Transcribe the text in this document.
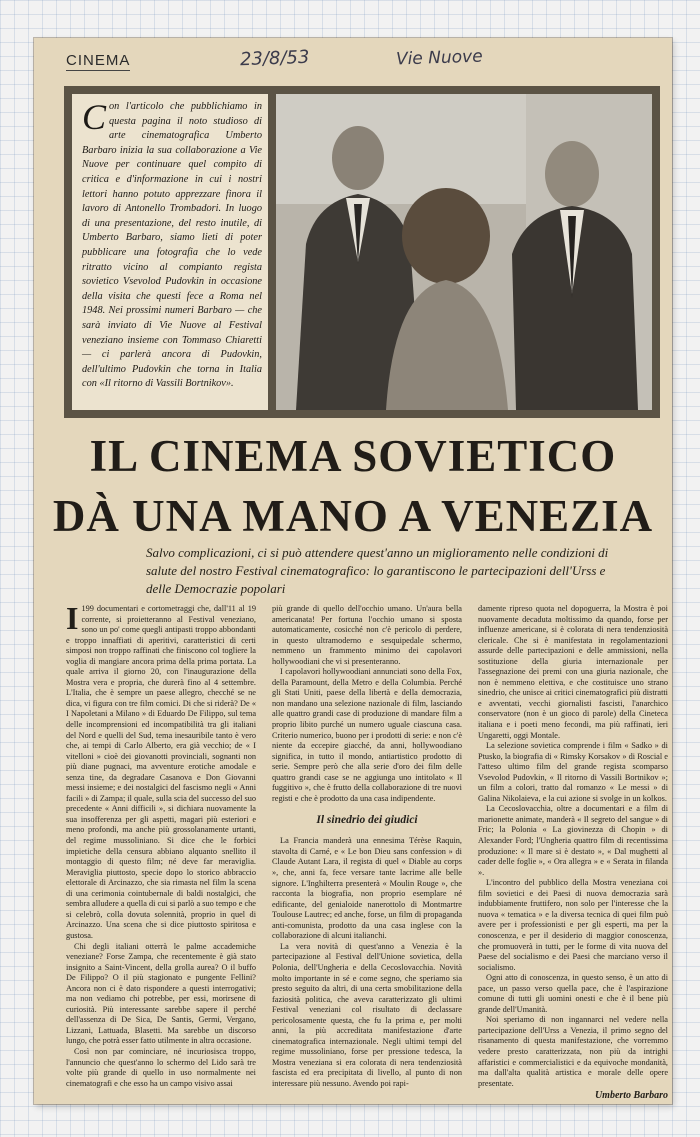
CINEMA	23/8/53	Vie Nuove
Con l'articolo che pubblichiamo in questa pagina il noto studioso di arte cinematografica Umberto Barbaro inizia la sua collaborazione a Vie Nuove per continuare quel compito di critica e d'informazione in cui i nostri lettori hanno potuto apprezzare finora il lavoro di Antonello Trombadori. In luogo di una presentazione, del resto inutile, di Umberto Barbaro, siamo lieti di poter pubblicare una fotografia che lo vede ritratto vicino al compianto regista sovietico Vsevolod Pudovkin in occasione della visita che questi fece a Roma nel 1948. Nei prossimi numeri Barbaro — che sarà inviato di Vie Nuove al Festival veneziano insieme con Tommaso Chiaretti — ci parlerà ancora di Pudovkin, dell'ultimo Pudovkin che torna in Italia con «Il ritorno di Vassili Bortnikov».
IL CINEMA SOVIETICO
DÀ UNA MANO A VENEZIA
Salvo complicazioni, ci si può attendere quest'anno un miglioramento nelle condizioni di salute del nostro Festival cinematografico: lo garantiscono le partecipazioni dell'Urss e delle Democrazie popolari

I 199 documentari e cortometraggi che, dall'11 al 19 corrente, si proietteranno al Festival veneziano, sono un po' come quegli antipasti troppo abbondanti e troppo innaffiati di aperitivi, caratteristici di certi simposi non troppo raffinati che finiscono col togliere la voglia di mangiare ancora prima della prima portata. La quale arriva il giorno 20, con l'inaugurazione della Mostra vera e propria, che durerà fino al 4 settembre. L'Italia, che è sempre un paese allegro, checché se ne dica, vi figura con tre film comici. Di che si riderà? De « I Napoletani a Milano » di Eduardo De Filippo, sul tema delle incomprensioni ed incompatibilità tra gli italiani del Nord e quelli del Sud, tema inesauribile tanto è vero che, ai tempi di Carlo Alberto, era già vecchio; de « I vitelloni » cioè dei giovanotti provinciali, sognanti non più diane pugnaci, ma avventure erotiche amodale e senza tine, da degradare Casanova e Don Giovanni messi insieme; e dei nostalgici del fascismo negli « Anni facili » di Zampa; il quale, sulla scia del successo del suo precedente « Anni difficili », si dichiara nuovamente la sua insofferenza per gli aspetti, magari più esteriori e meno profondi, ma anche più grossolanamente urtanti, del regime mussoliniano. Si dice che le forbici impietiche della censura abbiano alquanto snellito il montaggio di questo film; né deve far meraviglia. Meraviglia piuttosto, specie dopo lo storico abbraccio elettorale di Arcinazzo, che sia rimasta nel film la scena di una cerimonia cointubernale di baldi nostalgici, che sembra alludere a quella di cui si parlò a suo tempo e che si celebrò, colla dovuta solennità, proprio in quel di Arcinazzo. Una scena che si dice piuttosto spiritosa e gustosa.

Chi degli italiani otterrà le palme accademiche veneziane? Forse Zampa, che recentemente è già stato insignito a Saint-Vincent, della grolla aurea? O il buffo De Filippo? O il più stagionato e pungente Fellini? Ancora non ci è dato rispondere a questi interrogativi; ma non vediamo chi potrebbe, per essi, morirsene di curiosità. Più interessante sarebbe sapere il perché dell'assenza di De Sica, De Santis, Germi, Vergano, Lizzani, Lattuada, Blasetti. Ma sarebbe un discorso lungo, che potrà esser fatto utilmente in altra occasione.

Così non par cominciare, né incuriosisca troppo, l'annuncio che quest'anno lo schermo del Lido sarà tre volte più grande di quello in uso normalmente nei cinematografi e che esso ha un campo visivo assai

più grande di quello dell'occhio umano. Un'aura bella americanata! Per fortuna l'occhio umano si sposta automaticamente, cosicché non c'è pericolo di perdere, in questo ultramoderno e sesquipedale schermo, nemmeno un frammento minimo dei capolavori hollywoodiani che vi si presenteranno.

I capolavori hollywoodiani annunciati sono della Fox, della Paramount, della Metro e della Columbia. Perché gli Stati Uniti, paese della libertà e della democrazia, non mandano una selezione nazionale di film, lasciando alle quattro grandi case di produzione di mandare film a proprio libito purché un numero uguale ciascuna casa. Criterio numerico, buono per i prodotti di serie: e non c'è niente da eccepire giacché, da anni, hollywoodiano significa, in tutto il mondo, antiartistico prodotto di serie. Sempre però che alla serie d'oro dei film delle quattro grandi case se ne aggiunga uno intitolato « Il fuggitivo », che è frutto della collaborazione di tre nuovi registi e che è prodotto da una casa indipendente.

Il sinedrio dei giudici

La Francia manderà una ennesima Térèse Raquin, stavolta di Carné, e « Le bon Dieu sans confession » di Claude Autant Lara, il regista di quel « Diable au corps », che, anni fa, fece versare tante lacrime alle belle signore. L'Inghilterra presenterà « Moulin Rouge », che racconta la biografia, non proprio esemplare né edificante, del genialoide nanerottolo di Montmartre Toulouse Lautrec; ed anche, forse, un film di propaganda anti-comunista, prodotto da una casa inglese con la collaborazione di alcuni italianchi.

La vera novità di quest'anno a Venezia è la partecipazione al Festival dell'Unione sovietica, della Polonia, dell'Ungheria e della Cecoslovacchia. Novità molto importante in sé e come segno, che speriamo sia presto seguito da altri, di una certa smobilitazione della faziosità politica, che aveva caratterizzato gli ultimi Festival veneziani col risultato di declassare pericolosamente questa, che fu la prima e, per molti anni, la più accreditata manifestazione d'arte cinematografica internazionale. Negli ultimi tempi del regime mussoliniano, forse per pressione tedesca, la Mostra veneziana si era colorata di nera tendenziosità fascista ed era precipitata di livello, al punto di non interessare più nessuno. Avendo poi rapi-

damente ripreso quota nel dopoguerra, la Mostra è poi nuovamente decaduta moltissimo da quando, forse per influenze americane, si è colorata di nera tendenziosità clericale. Che si è manifestata in regolamentazioni assurde delle partecipazioni e delle ammissioni, nella sostituzione della giuria internazionale per l'assegnazione dei premi con una giuria nazionale, che non è nemmeno elettiva, e che costituisce uno strano sinedrio, che unisce ai critici cinematografici più distratti e avventati, vecchi giornalisti fascisti, l'anarchico conservatore (non è un gioco di parole) della Cineteca italiana e i poeti meno fecondi, ma più raffinati, ieri Ungaretti, oggi Montale.

La selezione sovietica comprende i film « Sadko » di Ptusko, la biografia di « Rimsky Korsakov » di Roscial e l'atteso ultimo film del grande regista scomparso Vsevolod Pudovkin, « Il ritorno di Vassili Bortnikov »; un film a colori, tratto dal romanzo « Le messi » di Galina Nikolaieva, e la cui azione si svolge in un kolkos.

La Cecoslovacchia, oltre a documentari e a film di marionette animate, manderà « Il segreto del sangue » di Fric; la Polonia « La giovinezza di Chopin » di Alexander Ford; l'Ungheria quattro film di recentissima produzione: « Il mare si è destato », « Dal mughetti al cader delle foglie », « Ora allegra » e « Serata in filanda ».

L'incontro del pubblico della Mostra veneziana coi film sovietici e dei Paesi di nuova democrazia sarà indubbiamente fruttifero, non solo per l'interesse che la nuova « tematica » e la diversa tecnica di quei film può avere per i professionisti e per gli esperti, ma per la conoscenza, e per il desiderio di maggior conoscenza, che promuoverà in tutti, per le forme di vita nuova del Paese del socialismo e dei Paesi che marciano verso il socialismo.

Ogni atto di conoscenza, in questo senso, è un atto di pace, un passo verso quella pace, che è l'aspirazione comune di tutti gli uomini onesti e che è il bene più grande dell'Umanità.

Noi speriamo di non ingannarci nel vedere nella partecipazione dell'Urss a Venezia, il primo segno del risanamento di questa manifestazione, che vorremmo vedere presto caratterizzata, non più da intrighi affaristici e commercialistici e da equivoche mondanità, ma dall'alta qualità artistica e morale delle opere presentate.

Umberto Barbaro
